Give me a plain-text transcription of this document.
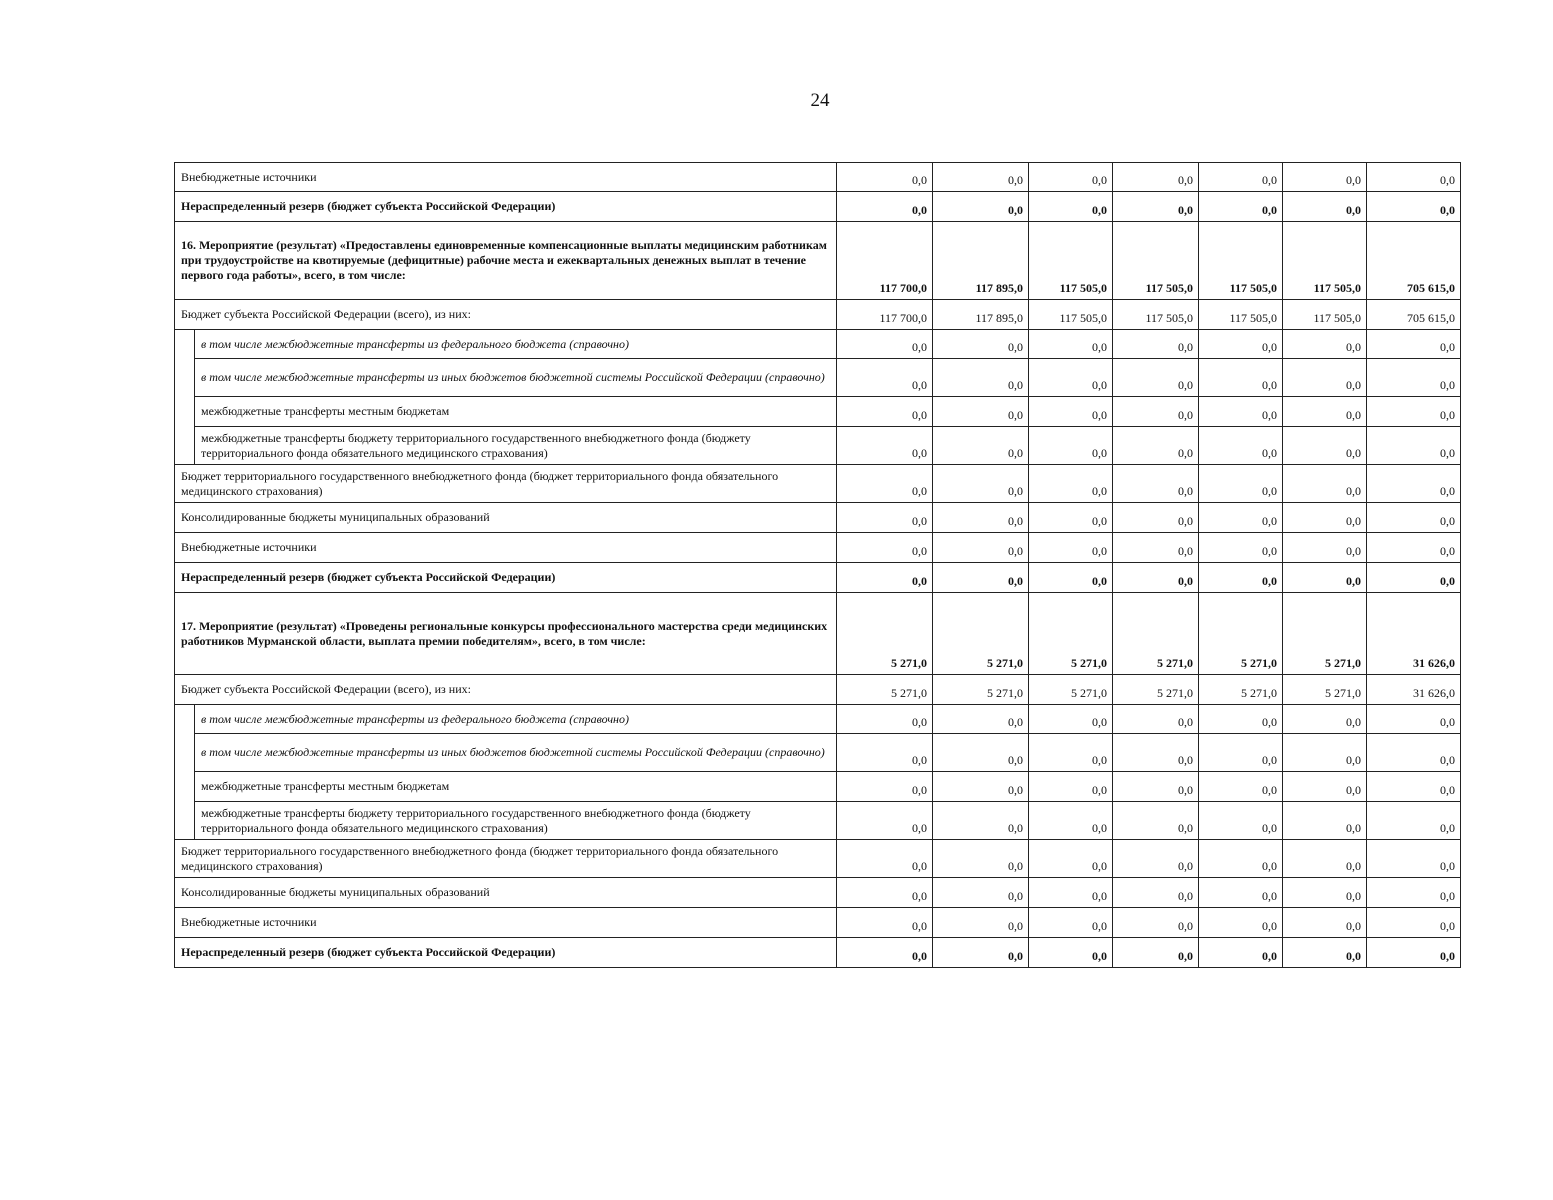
24
Внебюджетные источники		0,0	0,0	0,0	0,0	0,0	0,0	0,0
Нераспределенный резерв (бюджет субъекта Российской Федерации)		0,0	0,0	0,0	0,0	0,0	0,0	0,0
16. Мероприятие (результат) «Предоставлены единовременные компенсационные выплаты медицинским работникам при трудоустройстве на квотируемые (дефицитные) рабочие места и ежеквартальных денежных выплат в течение первого года работы», всего, в том числе:		117 700,0	117 895,0	117 505,0	117 505,0	117 505,0	117 505,0	705 615,0
Бюджет субъекта Российской Федерации (всего), из них:		117 700,0	117 895,0	117 505,0	117 505,0	117 505,0	117 505,0	705 615,0
	в том числе межбюджетные трансферты из федерального бюджета (справочно)	0,0	0,0	0,0	0,0	0,0	0,0	0,0
	в том числе межбюджетные трансферты из иных бюджетов бюджетной системы Российской Федерации (справочно)	0,0	0,0	0,0	0,0	0,0	0,0	0,0
	межбюджетные трансферты местным бюджетам	0,0	0,0	0,0	0,0	0,0	0,0	0,0
	межбюджетные трансферты бюджету территориального государственного внебюджетного фонда (бюджету территориального фонда обязательного медицинского страхования)	0,0	0,0	0,0	0,0	0,0	0,0	0,0
Бюджет территориального государственного внебюджетного фонда (бюджет территориального фонда обязательного медицинского страхования)		0,0	0,0	0,0	0,0	0,0	0,0	0,0
Консолидированные бюджеты муниципальных образований		0,0	0,0	0,0	0,0	0,0	0,0	0,0
Внебюджетные источники		0,0	0,0	0,0	0,0	0,0	0,0	0,0
Нераспределенный резерв (бюджет субъекта Российской Федерации)		0,0	0,0	0,0	0,0	0,0	0,0	0,0
17. Мероприятие (результат) «Проведены региональные конкурсы профессионального мастерства среди медицинских работников Мурманской области, выплата премии победителям», всего, в том числе:		5 271,0	5 271,0	5 271,0	5 271,0	5 271,0	5 271,0	31 626,0
Бюджет субъекта Российской Федерации (всего), из них:		5 271,0	5 271,0	5 271,0	5 271,0	5 271,0	5 271,0	31 626,0
	в том числе межбюджетные трансферты из федерального бюджета (справочно)	0,0	0,0	0,0	0,0	0,0	0,0	0,0
	в том числе межбюджетные трансферты из иных бюджетов бюджетной системы Российской Федерации (справочно)	0,0	0,0	0,0	0,0	0,0	0,0	0,0
	межбюджетные трансферты местным бюджетам	0,0	0,0	0,0	0,0	0,0	0,0	0,0
	межбюджетные трансферты бюджету территориального государственного внебюджетного фонда (бюджету территориального фонда обязательного медицинского страхования)	0,0	0,0	0,0	0,0	0,0	0,0	0,0
Бюджет территориального государственного внебюджетного фонда (бюджет территориального фонда обязательного медицинского страхования)		0,0	0,0	0,0	0,0	0,0	0,0	0,0
Консолидированные бюджеты муниципальных образований		0,0	0,0	0,0	0,0	0,0	0,0	0,0
Внебюджетные источники		0,0	0,0	0,0	0,0	0,0	0,0	0,0
Нераспределенный резерв (бюджет субъекта Российской Федерации)		0,0	0,0	0,0	0,0	0,0	0,0	0,0
